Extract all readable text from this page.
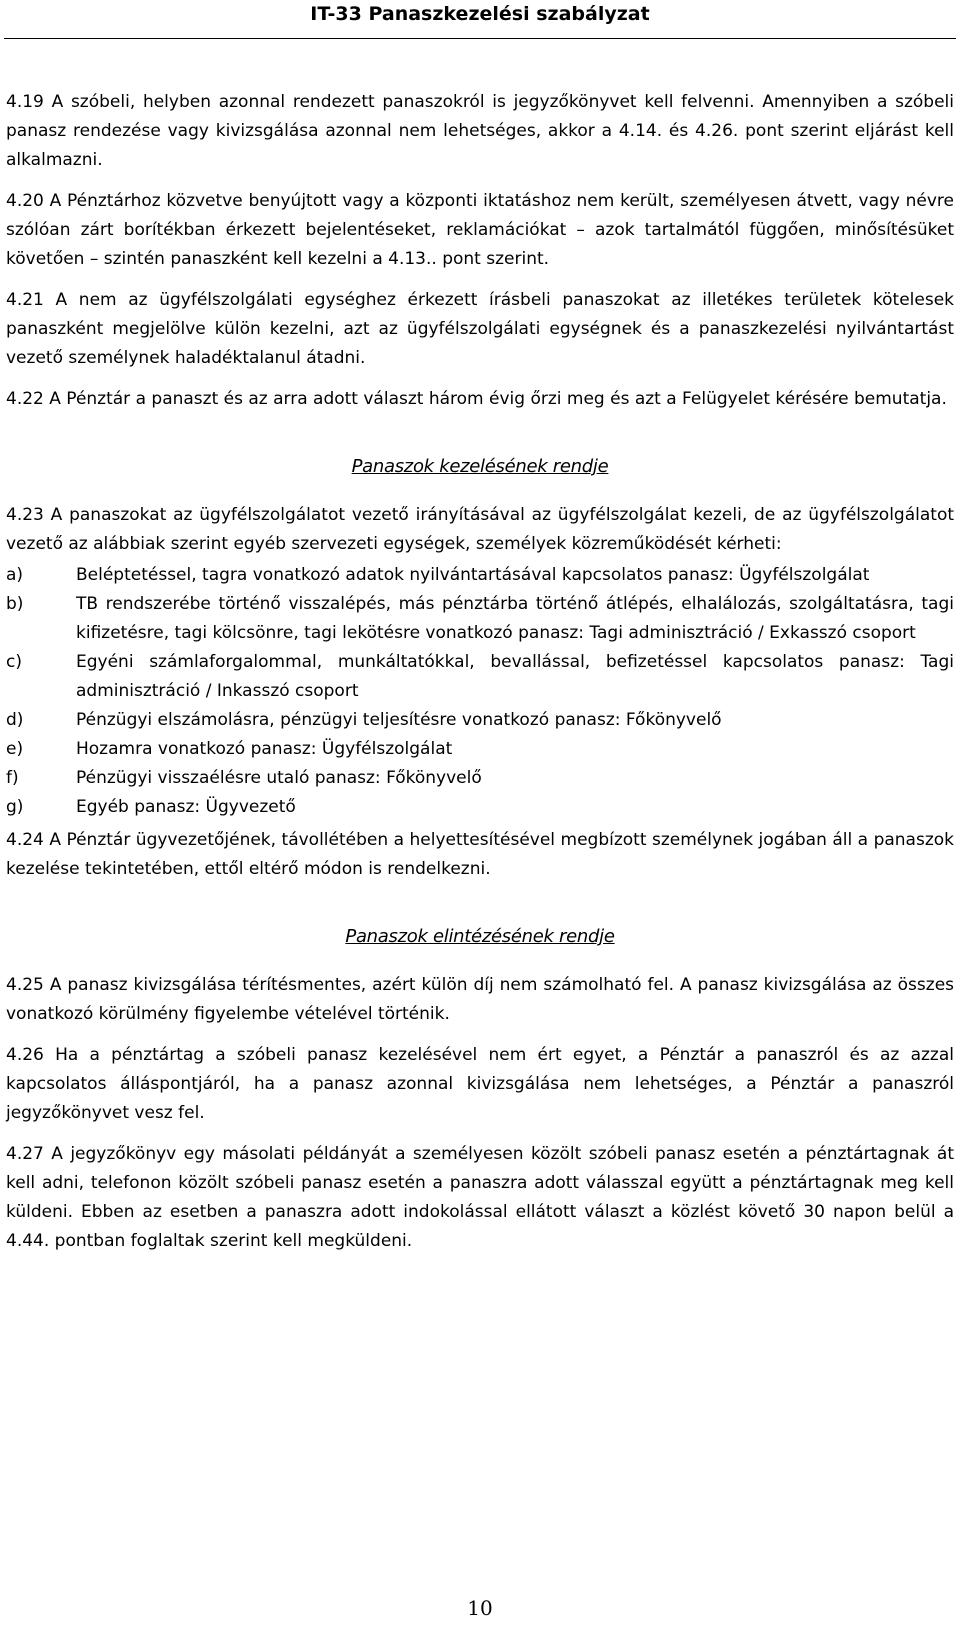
IT-33 Panaszkezelési szabályzat

4.19 A szóbeli, helyben azonnal rendezett panaszokról is jegyzőkönyvet kell felvenni. Amennyiben a szóbeli panasz rendezése vagy kivizsgálása azonnal nem lehetséges, akkor a 4.14. és 4.26. pont szerint eljárást kell alkalmazni.

4.20 A Pénztárhoz közvetve benyújtott vagy a központi iktatáshoz nem került, személyesen átvett, vagy névre szólóan zárt borítékban érkezett bejelentéseket, reklamációkat – azok tartalmától függően, minősítésüket követően – szintén panaszként kell kezelni a 4.13.. pont szerint.

4.21 A nem az ügyfélszolgálati egységhez érkezett írásbeli panaszokat az illetékes területek kötelesek panaszként megjelölve külön kezelni, azt az ügyfélszolgálati egységnek és a panaszkezelési nyilvántartást vezető személynek haladéktalanul átadni.

4.22 A Pénztár a panaszt és az arra adott választ három évig őrzi meg és azt a Felügyelet kérésére bemutatja.

Panaszok kezelésének rendje

4.23 A panaszokat az ügyfélszolgálatot vezető irányításával az ügyfélszolgálat kezeli, de az ügyfélszolgálatot vezető az alábbiak szerint egyéb szervezeti egységek, személyek közreműködését kérheti:

a)	Beléptetéssel, tagra vonatkozó adatok nyilvántartásával kapcsolatos panasz: Ügyfélszolgálat
b)	TB rendszerébe történő visszalépés, más pénztárba történő átlépés, elhalálozás, szolgáltatásra, tagi kifizetésre, tagi kölcsönre, tagi lekötésre vonatkozó panasz: Tagi adminisztráció / Exkasszó csoport
c)	Egyéni számlaforgalommal, munkáltatókkal, bevallással, befizetéssel kapcsolatos panasz: Tagi adminisztráció / Inkasszó csoport
d)	Pénzügyi elszámolásra, pénzügyi teljesítésre vonatkozó panasz: Főkönyvelő
e)	Hozamra vonatkozó panasz: Ügyfélszolgálat
f)	Pénzügyi visszaélésre utaló panasz: Főkönyvelő
g)	Egyéb panasz: Ügyvezető

4.24 A Pénztár ügyvezetőjének, távollétében a helyettesítésével megbízott személynek jogában áll a panaszok kezelése tekintetében, ettől eltérő módon is rendelkezni.

Panaszok elintézésének rendje

4.25 A panasz kivizsgálása térítésmentes, azért külön díj nem számolható fel. A panasz kivizsgálása az összes vonatkozó körülmény figyelembe vételével történik.

4.26 Ha a pénztártag a szóbeli panasz kezelésével nem ért egyet, a Pénztár a panaszról és az azzal kapcsolatos álláspontjáról, ha a panasz azonnal kivizsgálása nem lehetséges, a Pénztár a panaszról jegyzőkönyvet vesz fel.

4.27 A jegyzőkönyv egy másolati példányát a személyesen közölt szóbeli panasz esetén a pénztártagnak át kell adni, telefonon közölt szóbeli panasz esetén a panaszra adott válasszal együtt a pénztártagnak meg kell küldeni. Ebben az esetben a panaszra adott indokolással ellátott választ a közlést követő 30 napon belül a 4.44. pontban foglaltak szerint kell megküldeni.

10
